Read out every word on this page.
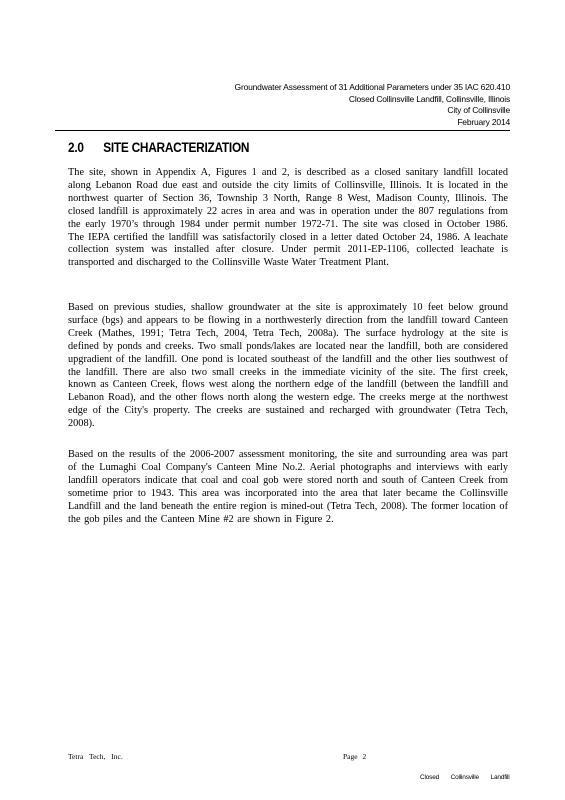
Groundwater Assessment of 31 Additional Parameters under 35 IAC 620.410
Closed Collinsville Landfill, Collinsville, Illinois
City of Collinsville
February 2014
2.0 SITE CHARACTERIZATION

The site, shown in Appendix A, Figures 1 and 2, is described as a closed sanitary landfill located along Lebanon Road due east and outside the city limits of Collinsville, Illinois. It is located in the northwest quarter of Section 36, Township 3 North, Range 8 West, Madison County, Illinois. The closed landfill is approximately 22 acres in area and was in operation under the 807 regulations from the early 1970’s through 1984 under permit number 1972-71. The site was closed in October 1986. The IEPA certified the landfill was satisfactorily closed in a letter dated October 24, 1986. A leachate collection system was installed after closure. Under permit 2011-EP-1106, collected leachate is transported and discharged to the Collinsville Waste Water Treatment Plant.

Based on previous studies, shallow groundwater at the site is approximately 10 feet below ground surface (bgs) and appears to be flowing in a northwesterly direction from the landfill toward Canteen Creek (Mathes, 1991; Tetra Tech, 2004, Tetra Tech, 2008a). The surface hydrology at the site is defined by ponds and creeks. Two small ponds/lakes are located near the landfill, both are considered upgradient of the landfill. One pond is located southeast of the landfill and the other lies southwest of the landfill. There are also two small creeks in the immediate vicinity of the site. The first creek, known as Canteen Creek, flows west along the northern edge of the landfill (between the landfill and Lebanon Road), and the other flows north along the western edge. The creeks merge at the northwest edge of the City's property. The creeks are sustained and recharged with groundwater (Tetra Tech, 2008).

Based on the results of the 2006-2007 assessment monitoring, the site and surrounding area was part of the Lumaghi Coal Company's Canteen Mine No.2. Aerial photographs and interviews with early landfill operators indicate that coal and coal gob were stored north and south of Canteen Creek from sometime prior to 1943. This area was incorporated into the area that later became the Collinsville Landfill and the land beneath the entire region is mined-out (Tetra Tech, 2008). The former location of the gob piles and the Canteen Mine #2 are shown in Figure 2.

Tetra Tech, Inc.	Page 2
Closed Collinsville Landfill
